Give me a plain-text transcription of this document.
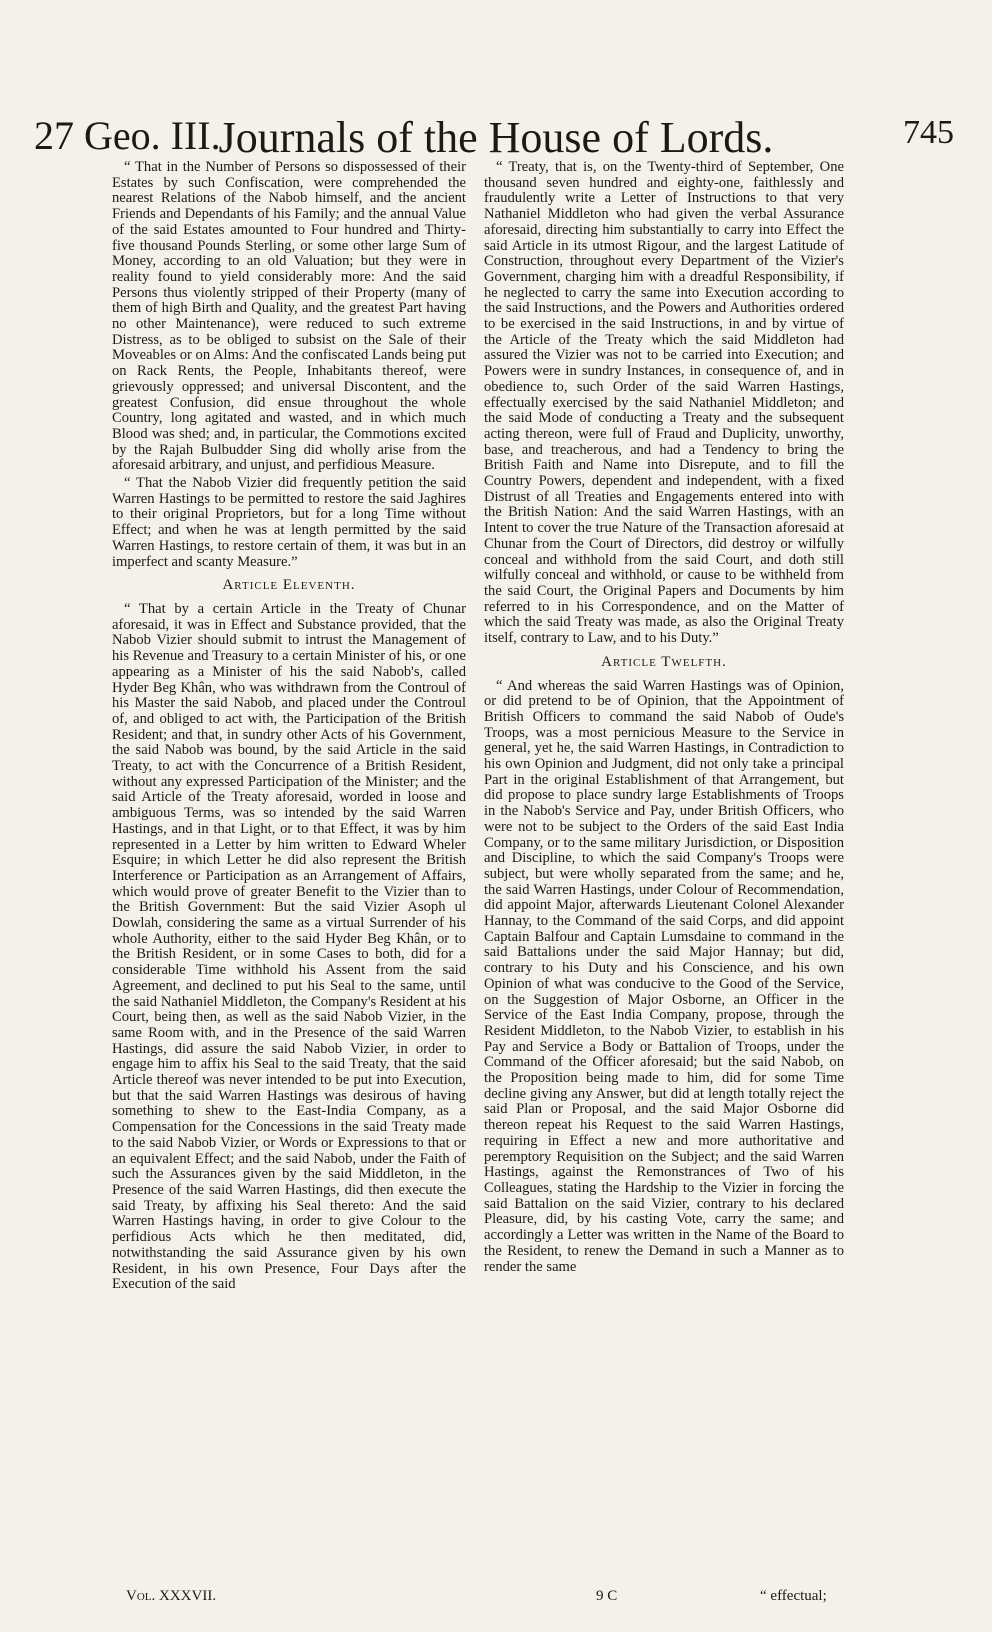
27 Geo. III.
Journals of the House of Lords.	745

“ That in the Number of Persons so dispossessed of their Estates by such Confiscation, were comprehended the nearest Relations of the Nabob himself, and the ancient Friends and Dependants of his Family; and the annual Value of the said Estates amounted to Four hundred and Thirty-five thousand Pounds Sterling, or some other large Sum of Money, according to an old Valuation; but they were in reality found to yield considerably more: And the said Persons thus violently stripped of their Property (many of them of high Birth and Quality, and the greatest Part having no other Maintenance), were reduced to such extreme Distress, as to be obliged to subsist on the Sale of their Moveables or on Alms: And the confiscated Lands being put on Rack Rents, the People, Inhabitants thereof, were grievously oppressed; and universal Discontent, and the greatest Confusion, did ensue throughout the whole Country, long agitated and wasted, and in which much Blood was shed; and, in particular, the Commotions excited by the Rajah Bulbudder Sing did wholly arise from the aforesaid arbitrary, and unjust, and perfidious Measure.

“ That the Nabob Vizier did frequently petition the said Warren Hastings to be permitted to restore the said Jaghires to their original Proprietors, but for a long Time without Effect; and when he was at length permitted by the said Warren Hastings, to restore certain of them, it was but in an imperfect and scanty Measure.”

Article Eleventh.

“ That by a certain Article in the Treaty of Chunar aforesaid, it was in Effect and Substance provided, that the Nabob Vizier should submit to intrust the Management of his Revenue and Treasury to a certain Minister of his, or one appearing as a Minister of his the said Nabob's, called Hyder Beg Khân, who was withdrawn from the Controul of his Master the said Nabob, and placed under the Controul of, and obliged to act with, the Participation of the British Resident; and that, in sundry other Acts of his Government, the said Nabob was bound, by the said Article in the said Treaty, to act with the Concurrence of a British Resident, without any expressed Participation of the Minister; and the said Article of the Treaty aforesaid, worded in loose and ambiguous Terms, was so intended by the said Warren Hastings, and in that Light, or to that Effect, it was by him represented in a Letter by him written to Edward Wheler Esquire; in which Letter he did also represent the British Interference or Participation as an Arrangement of Affairs, which would prove of greater Benefit to the Vizier than to the British Government: But the said Vizier Asoph ul Dowlah, considering the same as a virtual Surrender of his whole Authority, either to the said Hyder Beg Khân, or to the British Resident, or in some Cases to both, did for a considerable Time withhold his Assent from the said Agreement, and declined to put his Seal to the same, until the said Nathaniel Middleton, the Company's Resident at his Court, being then, as well as the said Nabob Vizier, in the same Room with, and in the Presence of the said Warren Hastings, did assure the said Nabob Vizier, in order to engage him to affix his Seal to the said Treaty, that the said Article thereof was never intended to be put into Execution, but that the said Warren Hastings was desirous of having something to shew to the East-India Company, as a Compensation for the Concessions in the said Treaty made to the said Nabob Vizier, or Words or Expressions to that or an equivalent Effect; and the said Nabob, under the Faith of such the Assurances given by the said Middleton, in the Presence of the said Warren Hastings, did then execute the said Treaty, by affixing his Seal thereto: And the said Warren Hastings having, in order to give Colour to the perfidious Acts which he then meditated, did, notwithstanding the said Assurance given by his own Resident, in his own Presence, Four Days after the Execution of the said

“ Treaty, that is, on the Twenty-third of September, One thousand seven hundred and eighty-one, faithlessly and fraudulently write a Letter of Instructions to that very Nathaniel Middleton who had given the verbal Assurance aforesaid, directing him substantially to carry into Effect the said Article in its utmost Rigour, and the largest Latitude of Construction, throughout every Department of the Vizier's Government, charging him with a dreadful Responsibility, if he neglected to carry the same into Execution according to the said Instructions, and the Powers and Authorities ordered to be exercised in the said Instructions, in and by virtue of the Article of the Treaty which the said Middleton had assured the Vizier was not to be carried into Execution; and Powers were in sundry Instances, in consequence of, and in obedience to, such Order of the said Warren Hastings, effectually exercised by the said Nathaniel Middleton; and the said Mode of conducting a Treaty and the subsequent acting thereon, were full of Fraud and Duplicity, unworthy, base, and treacherous, and had a Tendency to bring the British Faith and Name into Disrepute, and to fill the Country Powers, dependent and independent, with a fixed Distrust of all Treaties and Engagements entered into with the British Nation: And the said Warren Hastings, with an Intent to cover the true Nature of the Transaction aforesaid at Chunar from the Court of Directors, did destroy or wilfully conceal and withhold from the said Court, and doth still wilfully conceal and withhold, or cause to be withheld from the said Court, the Original Papers and Documents by him referred to in his Correspondence, and on the Matter of which the said Treaty was made, as also the Original Treaty itself, contrary to Law, and to his Duty.”

Article Twelfth.

“ And whereas the said Warren Hastings was of Opinion, or did pretend to be of Opinion, that the Appointment of British Officers to command the said Nabob of Oude's Troops, was a most pernicious Measure to the Service in general, yet he, the said Warren Hastings, in Contradiction to his own Opinion and Judgment, did not only take a principal Part in the original Establishment of that Arrangement, but did propose to place sundry large Establishments of Troops in the Nabob's Service and Pay, under British Officers, who were not to be subject to the Orders of the said East India Company, or to the same military Jurisdiction, or Disposition and Discipline, to which the said Company's Troops were subject, but were wholly separated from the same; and he, the said Warren Hastings, under Colour of Recommendation, did appoint Major, afterwards Lieutenant Colonel Alexander Hannay, to the Command of the said Corps, and did appoint Captain Balfour and Captain Lumsdaine to command in the said Battalions under the said Major Hannay; but did, contrary to his Duty and his Conscience, and his own Opinion of what was conducive to the Good of the Service, on the Suggestion of Major Osborne, an Officer in the Service of the East India Company, propose, through the Resident Middleton, to the Nabob Vizier, to establish in his Pay and Service a Body or Battalion of Troops, under the Command of the Officer aforesaid; but the said Nabob, on the Proposition being made to him, did for some Time decline giving any Answer, but did at length totally reject the said Plan or Proposal, and the said Major Osborne did thereon repeat his Request to the said Warren Hastings, requiring in Effect a new and more authoritative and peremptory Requisition on the Subject; and the said Warren Hastings, against the Remonstrances of Two of his Colleagues, stating the Hardship to the Vizier in forcing the said Battalion on the said Vizier, contrary to his declared Pleasure, did, by his casting Vote, carry the same; and accordingly a Letter was written in the Name of the Board to the Resident, to renew the Demand in such a Manner as to render the same

Vol. XXXVII.	9 C	“ effectual;
